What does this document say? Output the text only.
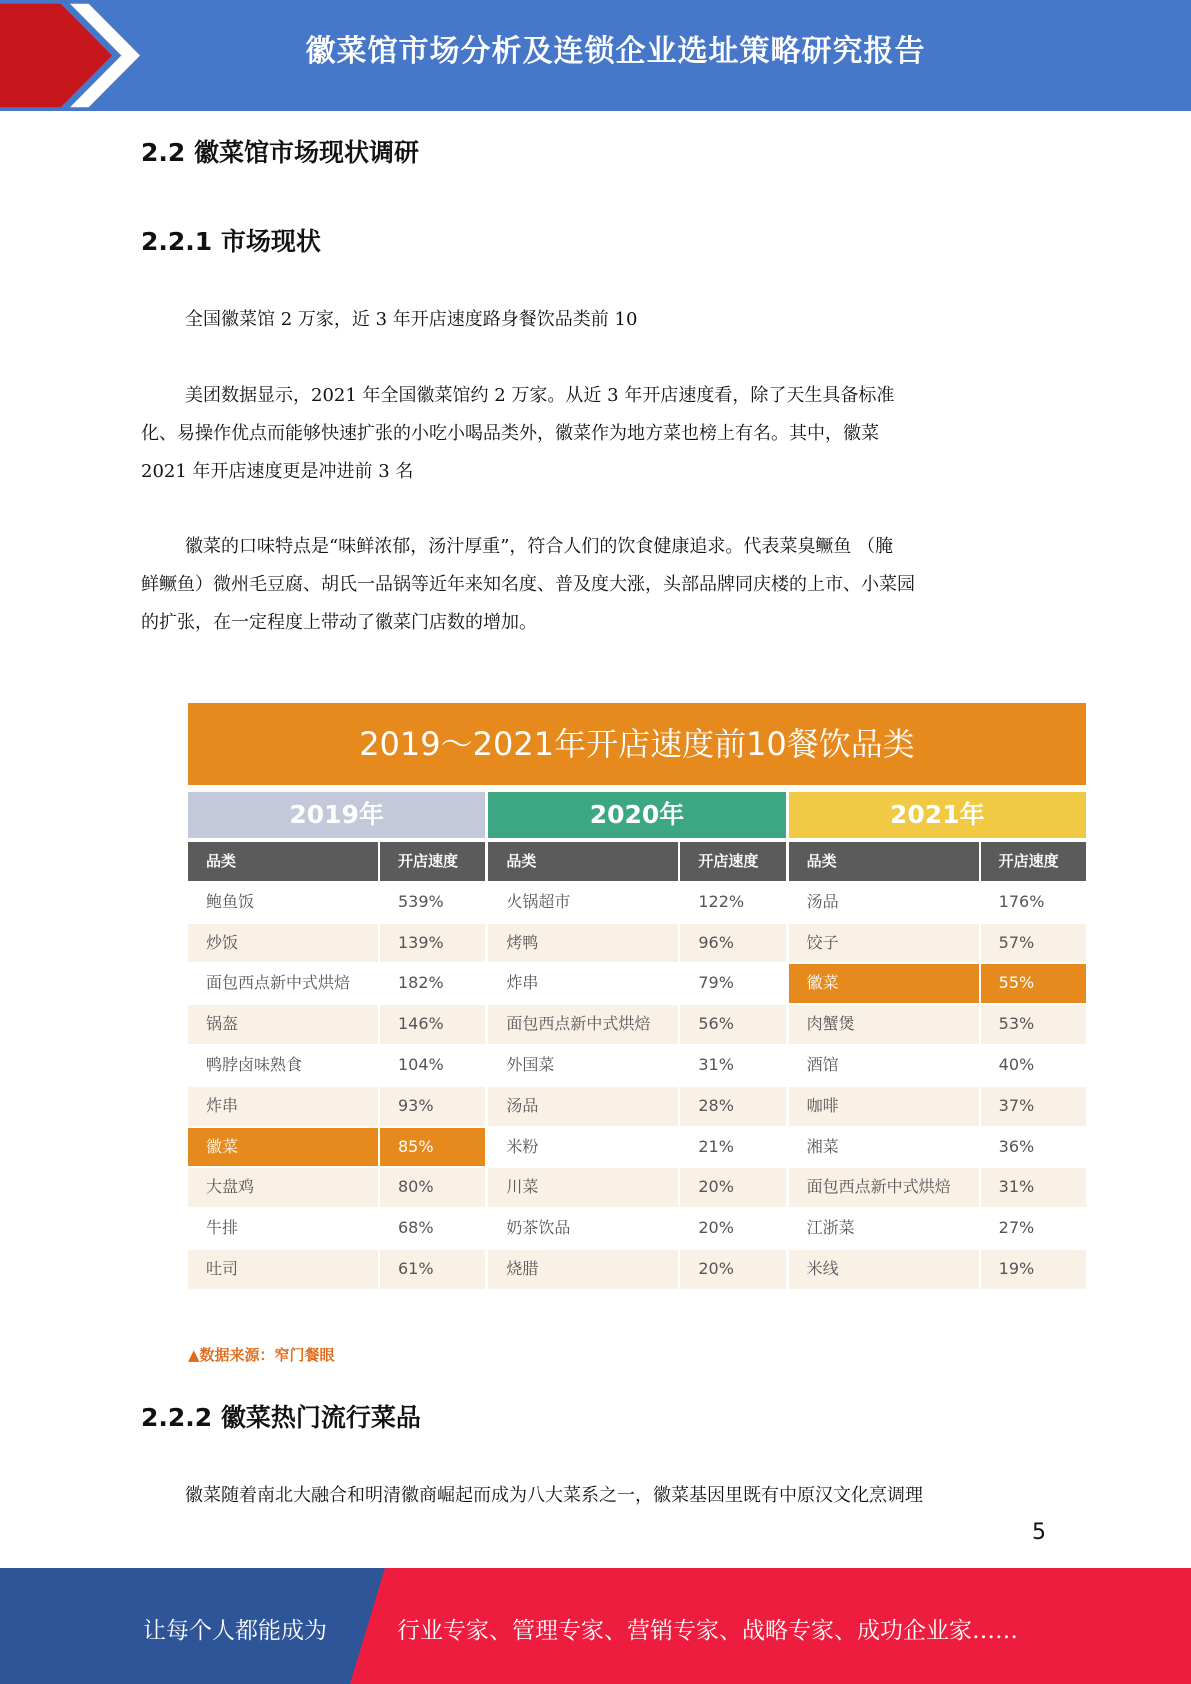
徽菜馆市场分析及连锁企业选址策略研究报告
2.2 徽菜馆市场现状调研
2.2.1 市场现状
全国徽菜馆 2 万家，近 3 年开店速度路身餐饮品类前 10
美团数据显示，2021 年全国徽菜馆约 2 万家。从近 3 年开店速度看，除了天生具备标准
化、易操作优点而能够快速扩张的小吃小喝品类外，徽菜作为地方菜也榜上有名。其中，徽菜
2021 年开店速度更是冲进前 3 名
徽菜的口味特点是“味鲜浓郁，汤汁厚重”，符合人们的饮食健康追求。代表菜臭鳜鱼 （腌
鲜鳜鱼）微州毛豆腐、胡氏一品锅等近年来知名度、普及度大涨，头部品牌同庆楼的上市、小菜园
的扩张，在一定程度上带动了徽菜门店数的增加。
2019～2021年开店速度前10餐饮品类
2019年	2020年	2021年
品类	开店速度
鲍鱼饭	539%
炒饭	139%
面包西点新中式烘焙	182%
锅盔	146%
鸭脖卤味熟食	104%
炸串	93%
徽菜	85%
大盘鸡	80%
牛排	68%
吐司	61%
品类	开店速度
火锅超市	122%
烤鸭	96%
炸串	79%
面包西点新中式烘焙	56%
外国菜	31%
汤品	28%
米粉	21%
川菜	20%
奶茶饮品	20%
烧腊	20%
品类	开店速度
汤品	176%
饺子	57%
徽菜	55%
肉蟹煲	53%
酒馆	40%
咖啡	37%
湘菜	36%
面包西点新中式烘焙	31%
江浙菜	27%
米线	19%
▲数据来源：窄门餐眼
2.2.2 徽菜热门流行菜品
徽菜随着南北大融合和明清徽商崛起而成为八大菜系之一，徽菜基因里既有中原汉文化烹调理
5
让每个人都能成为	行业专家、管理专家、营销专家、战略专家、成功企业家……
